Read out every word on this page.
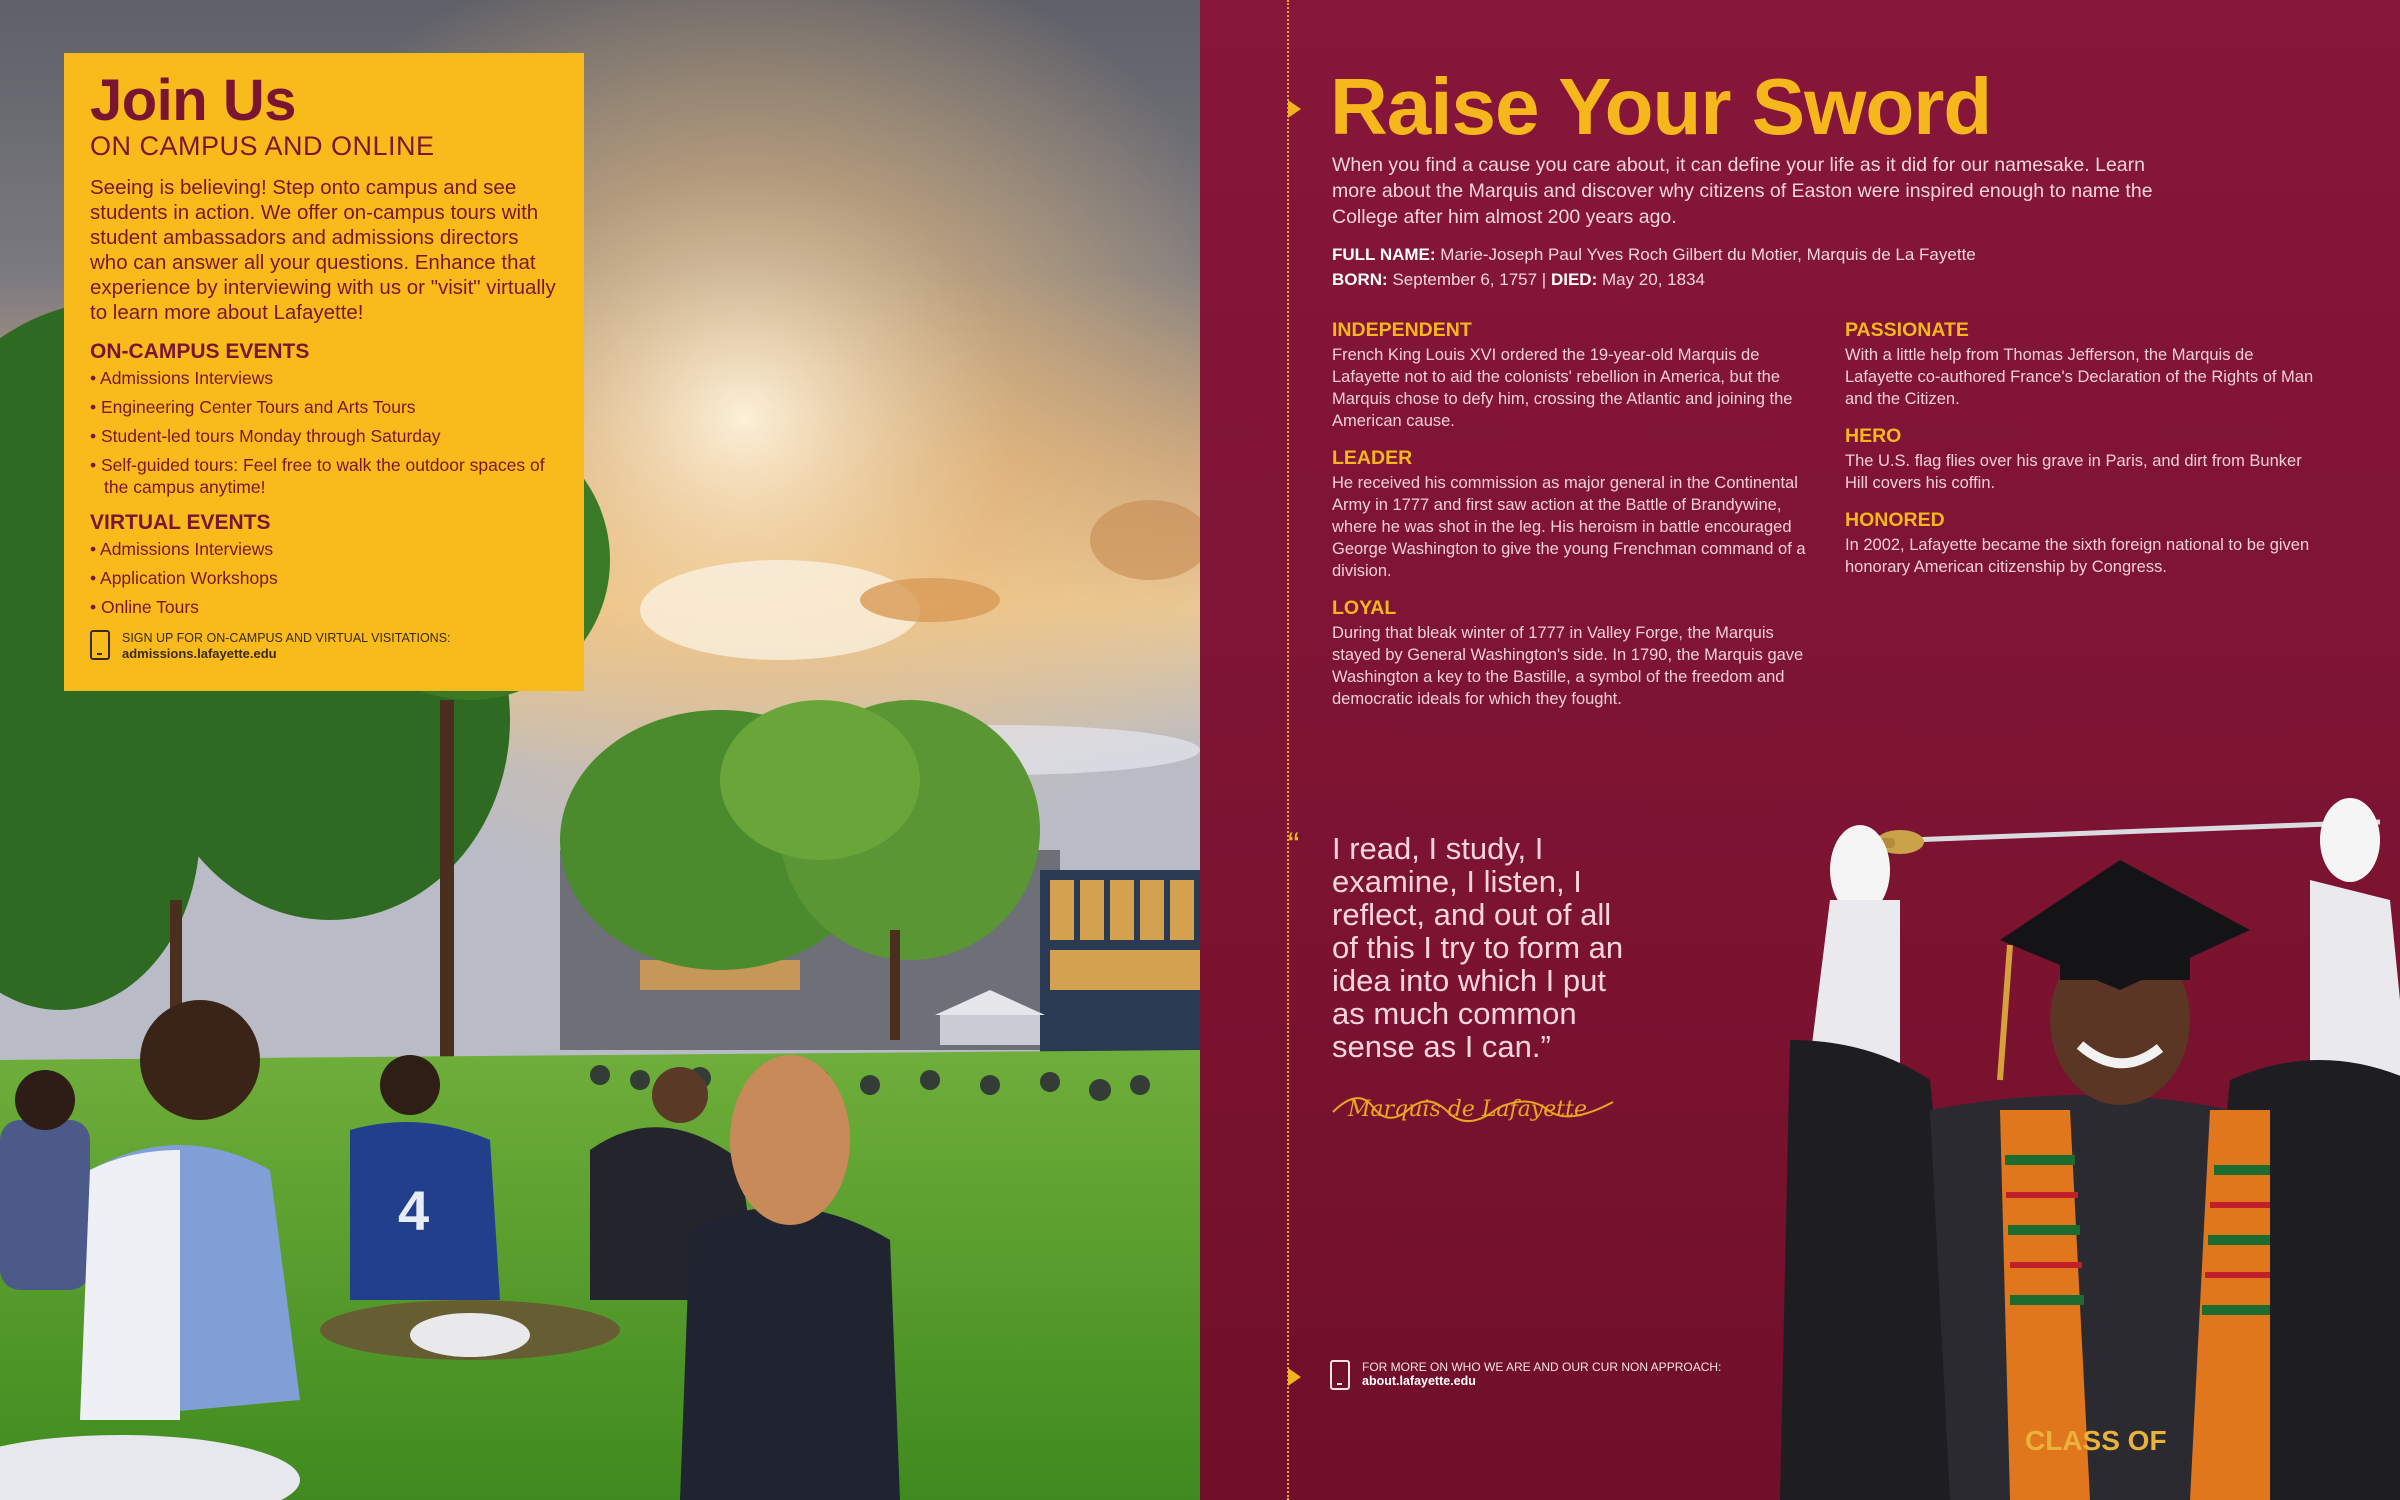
4
Join Us

ON CAMPUS AND ONLINE

Seeing is believing! Step onto campus and see students in action. We offer on-campus tours with student ambassadors and admissions directors who can answer all your questions. Enhance that experience by interviewing with us or "visit" virtually to learn more about Lafayette!

ON-CAMPUS EVENTS
• Admissions Interviews
• Engineering Center Tours and Arts Tours
• Student-led tours Monday through Saturday
• Self-guided tours: Feel free to walk the outdoor spaces of the campus anytime!
VIRTUAL EVENTS
• Admissions Interviews
• Application Workshops
• Online Tours
SIGN UP FOR ON-CAMPUS AND VIRTUAL VISITATIONS:
admissions.lafayette.edu
Raise Your Sword

When you find a cause you care about, it can define your life as it did for our namesake. Learn more about the Marquis and discover why citizens of Easton were inspired enough to name the College after him almost 200 years ago.

FULL NAME: Marie-Joseph Paul Yves Roch Gilbert du Motier, Marquis de La Fayette
BORN: September 6, 1757 | DIED: May 20, 1834
INDEPENDENT

French King Louis XVI ordered the 19-year-old Marquis de Lafayette not to aid the colonists' rebellion in America, but the Marquis chose to defy him, crossing the Atlantic and joining the American cause.

LEADER

He received his commission as major general in the Continental Army in 1777 and first saw action at the Battle of Brandywine, where he was shot in the leg. His heroism in battle encouraged George Washington to give the young Frenchman command of a division.

LOYAL

During that bleak winter of 1777 in Valley Forge, the Marquis stayed by General Washington's side. In 1790, the Marquis gave Washington a key to the Bastille, a symbol of the freedom and democratic ideals for which they fought.

PASSIONATE

With a little help from Thomas Jefferson, the Marquis de Lafayette co-authored France's Declaration of the Rights of Man and the Citizen.

HERO

The U.S. flag flies over his grave in Paris, and dirt from Bunker Hill covers his coffin.

HONORED

In 2002, Lafayette became the sixth foreign national to be given honorary American citizenship by Congress.

“	I read, I study, I examine, I listen, I reflect, and out of all of this I try to form an idea into which I put as much common sense as I can.”

Marquis de Lafayette
FOR MORE ON WHO WE ARE AND OUR CUR NON APPROACH:
about.lafayette.edu
CLASS OF
